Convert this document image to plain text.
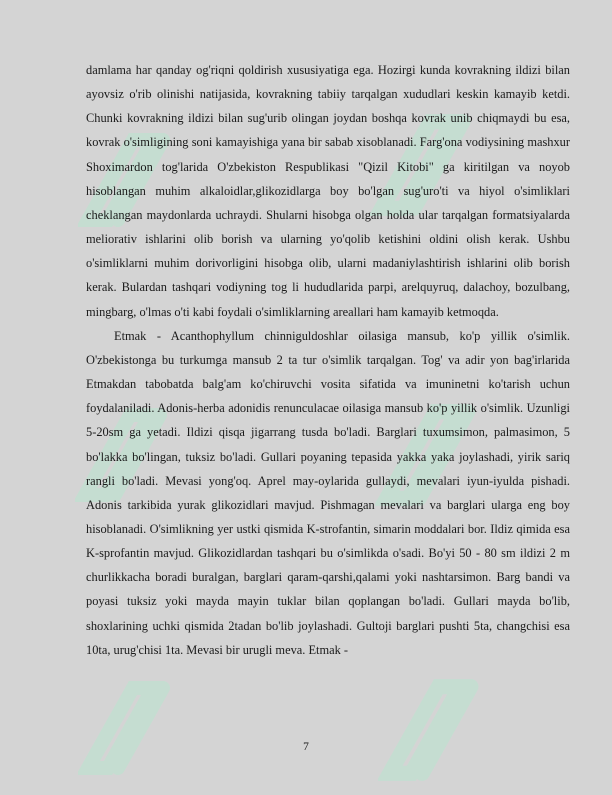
damlama har qanday og'riqni qoldirish xususiyatiga ega. Hozirgi kunda kovrakning ildizi bilan ayovsiz o'rib olinishi natijasida, kovrakning tabiiy tarqalgan xududlari keskin kamayib ketdi. Chunki kovrakning ildizi bilan sug'urib olingan joydan boshqa kovrak unib chiqmaydi bu esa, kovrak o'simligining soni kamayishiga yana bir sabab xisoblanadi. Farg'ona vodiysining mashxur Shoximardon tog'larida O'zbekiston Respublikasi "Qizil Kitobi" ga kiritilgan va noyob hisoblangan muhim alkaloidlar,glikozidlarga boy bo'lgan sug'uro'ti va hiyol o'simliklari cheklangan maydonlarda uchraydi. Shularni hisobga olgan holda ular tarqalgan formatsiyalarda meliorativ ishlarini olib borish va ularning yo'qolib ketishini oldini olish kerak. Ushbu o'simliklarni muhim dorivorligini hisobga olib, ularni madaniylashtirish ishlarini olib borish kerak. Bulardan tashqari vodiyning tog li hududlarida parpi, arelquyruq, dalachoy, bozulbang, mingbarg, o'lmas o'ti kabi foydali o'simliklarning areallari ham kamayib ketmoqda.

Etmak - Acanthophyllum chinniguldoshlar oilasiga mansub, ko'p yillik o'simlik. O'zbekistonga bu turkumga mansub 2 ta tur o'simlik tarqalgan. Tog' va adir yon bag'irlarida Etmakdan tabobatda balg'am ko'chiruvchi vosita sifatida va imuninetni ko'tarish uchun foydalaniladi. Adonis-herba adonidis renunculacae oilasiga mansub ko'p yillik o'simlik. Uzunligi 5-20sm ga yetadi. Ildizi qisqa jigarrang tusda bo'ladi. Barglari tuxumsimon, palmasimon, 5 bo'lakka bo'lingan, tuksiz bo'ladi. Gullari poyaning tepasida yakka yaka joylashadi, yirik sariq rangli bo'ladi. Mevasi yong'oq. Aprel may-oylarida gullaydi, mevalari iyun-iyulda pishadi. Adonis tarkibida yurak glikozidlari mavjud. Pishmagan mevalari va barglari ularga eng boy hisoblanadi. O'simlikning yer ustki qismida K-strofantin, simarin moddalari bor. Ildiz qimida esa K-sprofantin mavjud. Glikozidlardan tashqari bu o'simlikda o'sadi. Bo'yi 50 - 80 sm ildizi 2 m churlikkacha boradi buralgan, barglari qaram-qarshi,qalami yoki nashtarsimon. Barg bandi va poyasi tuksiz yoki mayda mayin tuklar bilan qoplangan bo'ladi. Gullari mayda bo'lib, shoxlarining uchki qismida 2tadan bo'lib joylashadi. Gultoji barglari pushti 5ta, changchisi esa 10ta, urug'chisi 1ta. Mevasi bir urugli meva. Etmak -

7
